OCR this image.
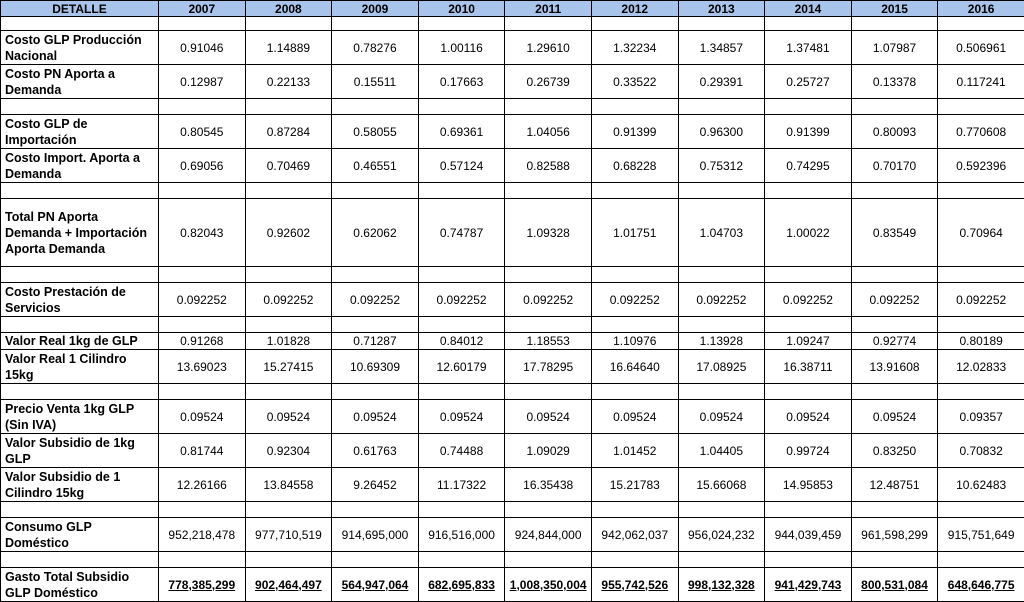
DETALLE	2007	2008	2009	2010	2011	2012	2013	2014	2015	2016

Costo GLP Producción Nacional	0.91046	1.14889	0.78276	1.00116	1.29610	1.32234	1.34857	1.37481	1.07987	0.506961
Costo PN Aporta a Demanda	0.12987	0.22133	0.15511	0.17663	0.26739	0.33522	0.29391	0.25727	0.13378	0.117241

Costo GLP de Importación	0.80545	0.87284	0.58055	0.69361	1.04056	0.91399	0.96300	0.91399	0.80093	0.770608
Costo Import. Aporta a Demanda	0.69056	0.70469	0.46551	0.57124	0.82588	0.68228	0.75312	0.74295	0.70170	0.592396

Total PN Aporta Demanda + Importación Aporta Demanda	0.82043	0.92602	0.62062	0.74787	1.09328	1.01751	1.04703	1.00022	0.83549	0.70964

Costo Prestación de Servicios	0.092252	0.092252	0.092252	0.092252	0.092252	0.092252	0.092252	0.092252	0.092252	0.092252

Valor Real 1kg de GLP	0.91268	1.01828	0.71287	0.84012	1.18553	1.10976	1.13928	1.09247	0.92774	0.80189
Valor Real 1 Cilindro 15kg	13.69023	15.27415	10.69309	12.60179	17.78295	16.64640	17.08925	16.38711	13.91608	12.02833

Precio Venta 1kg GLP (Sin IVA)	0.09524	0.09524	0.09524	0.09524	0.09524	0.09524	0.09524	0.09524	0.09524	0.09357
Valor Subsidio de 1kg GLP	0.81744	0.92304	0.61763	0.74488	1.09029	1.01452	1.04405	0.99724	0.83250	0.70832
Valor Subsidio de 1 Cilindro 15kg	12.26166	13.84558	9.26452	11.17322	16.35438	15.21783	15.66068	14.95853	12.48751	10.62483

Consumo GLP Doméstico	952,218,478	977,710,519	914,695,000	916,516,000	924,844,000	942,062,037	956,024,232	944,039,459	961,598,299	915,751,649

Gasto Total Subsidio GLP Doméstico	778,385,299	902,464,497	564,947,064	682,695,833	1,008,350,004	955,742,526	998,132,328	941,429,743	800,531,084	648,646,775
